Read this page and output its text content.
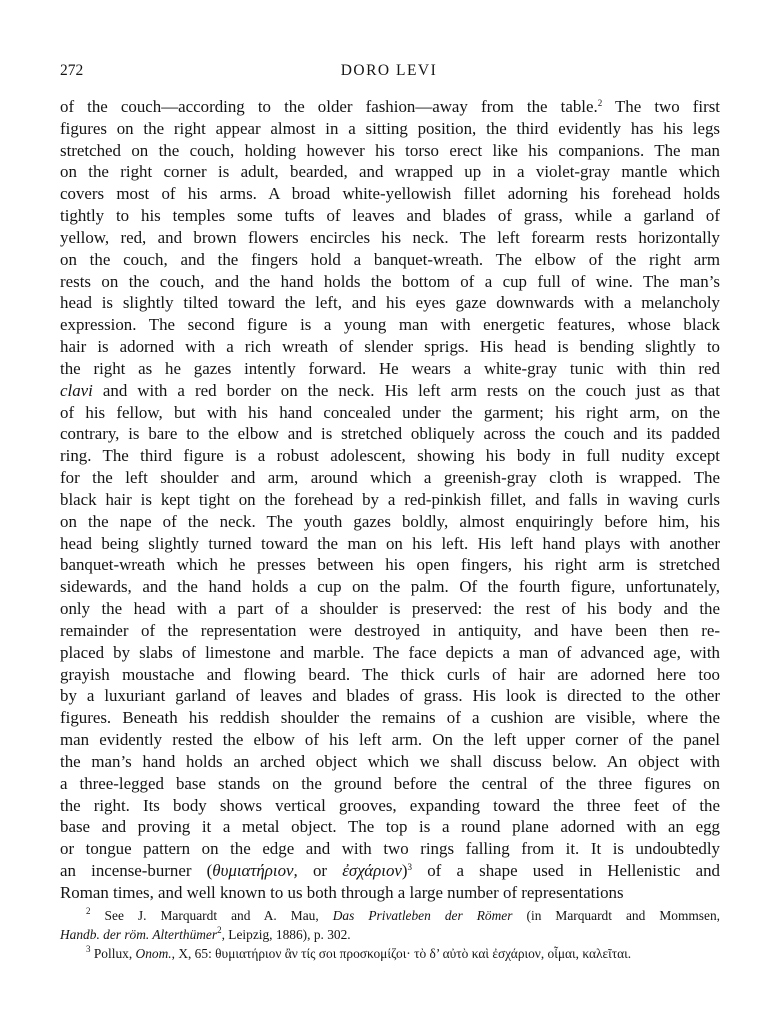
272	DORO LEVI
of the couch—according to the older fashion—away from the table.$^2$ The two first
figures on the right appear almost in a sitting position, the third evidently has his legs
stretched on the couch, holding however his torso erect like his companions. The man
on the right corner is adult, bearded, and wrapped up in a violet-gray mantle which
covers most of his arms. A broad white-yellowish fillet adorning his forehead holds
tightly to his temples some tufts of leaves and blades of grass, while a garland of
yellow, red, and brown flowers encircles his neck. The left forearm rests horizontally
on the couch, and the fingers hold a banquet-wreath. The elbow of the right arm
rests on the couch, and the hand holds the bottom of a cup full of wine. The man’s
head is slightly tilted toward the left, and his eyes gaze downwards with a melancholy
expression. The second figure is a young man with energetic features, whose black
hair is adorned with a rich wreath of slender sprigs. His head is bending slightly to
the right as he gazes intently forward. He wears a white-gray tunic with thin red
clavi and with a red border on the neck. His left arm rests on the couch just as that
of his fellow, but with his hand concealed under the garment; his right arm, on the
contrary, is bare to the elbow and is stretched obliquely across the couch and its padded
ring. The third figure is a robust adolescent, showing his body in full nudity except
for the left shoulder and arm, around which a greenish-gray cloth is wrapped. The
black hair is kept tight on the forehead by a red-pinkish fillet, and falls in waving curls
on the nape of the neck. The youth gazes boldly, almost enquiringly before him, his
head being slightly turned toward the man on his left. His left hand plays with another
banquet-wreath which he presses between his open fingers, his right arm is stretched
sidewards, and the hand holds a cup on the palm. Of the fourth figure, unfortunately,
only the head with a part of a shoulder is preserved: the rest of his body and the
remainder of the representation were destroyed in antiquity, and have been then re-
placed by slabs of limestone and marble. The face depicts a man of advanced age, with
grayish moustache and flowing beard. The thick curls of hair are adorned here too
by a luxuriant garland of leaves and blades of grass. His look is directed to the other
figures. Beneath his reddish shoulder the remains of a cushion are visible, where the
man evidently rested the elbow of his left arm. On the left upper corner of the panel
the man’s hand holds an arched object which we shall discuss below. An object with
a three-legged base stands on the ground before the central of the three figures on
the right. Its body shows vertical grooves, expanding toward the three feet of the
base and proving it a metal object. The top is a round plane adorned with an egg
or tongue pattern on the edge and with two rings falling from it. It is undoubtedly
an incense-burner (θυμιατήριον, or ἐσχάριον)$^3$ of a shape used in Hellenistic and
Roman times, and well known to us both through a large number of representations
$^2$ See J. Marquardt and A. Mau, Das Privatleben der Römer (in Marquardt and Mommsen,
Handb. der röm. Alterthümer$^2$, Leipzig, 1886), p. 302.
$^3$ Pollux, Onom., X, 65: θυμιατήριον ἂν τίς σοι προσκομίζοι· τὸ δ’ αὐτὸ καὶ ἐσχάριον, οἶμαι, καλεῖται.
